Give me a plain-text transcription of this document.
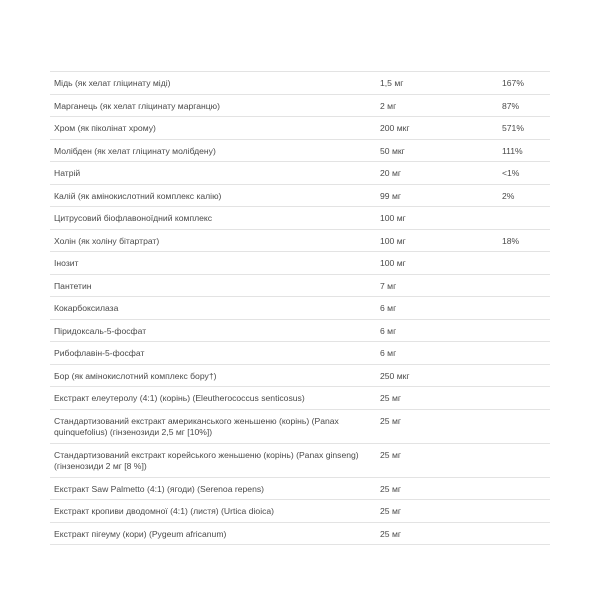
Мідь (як хелат гліцинату міді)	1,5 мг	167%
Марганець (як хелат гліцинату марганцю)	2 мг	87%
Хром (як піколінат хрому)	200 мкг	571%
Молібден (як хелат гліцинату молібдену)	50 мкг	111%
Натрій	20 мг	<1%
Калій (як амінокислотний комплекс калію)	99 мг	2%
Цитрусовий біофлавоноїдний комплекс	100 мг	
Холін (як холіну бітартрат)	100 мг	18%
Інозит	100 мг	
Пантетин	7 мг	
Кокарбоксилаза	6 мг	
Піридоксаль-5-фосфат	6 мг	
Рибофлавін-5-фосфат	6 мг	
Бор (як амінокислотний комплекс бору†)	250 мкг	
Екстракт елеутеролу (4:1) (корінь) (Eleutherococcus senticosus)	25 мг	
Стандартизований екстракт американського женьшеню (корінь) (Panax quinquefolius) (гінзенозиди 2,5 мг [10%])	25 мг	
Стандартизований екстракт корейського женьшеню (корінь) (Panax ginseng) (гінзенозиди 2 мг [8 %])	25 мг	
Екстракт Saw Palmetto (4:1) (ягоди) (Serenoa repens)	25 мг	
Екстракт кропиви дводомної (4:1) (листя) (Urtica dioica)	25 мг	
Екстракт пігеуму (кори) (Pygeum africanum)	25 мг	
